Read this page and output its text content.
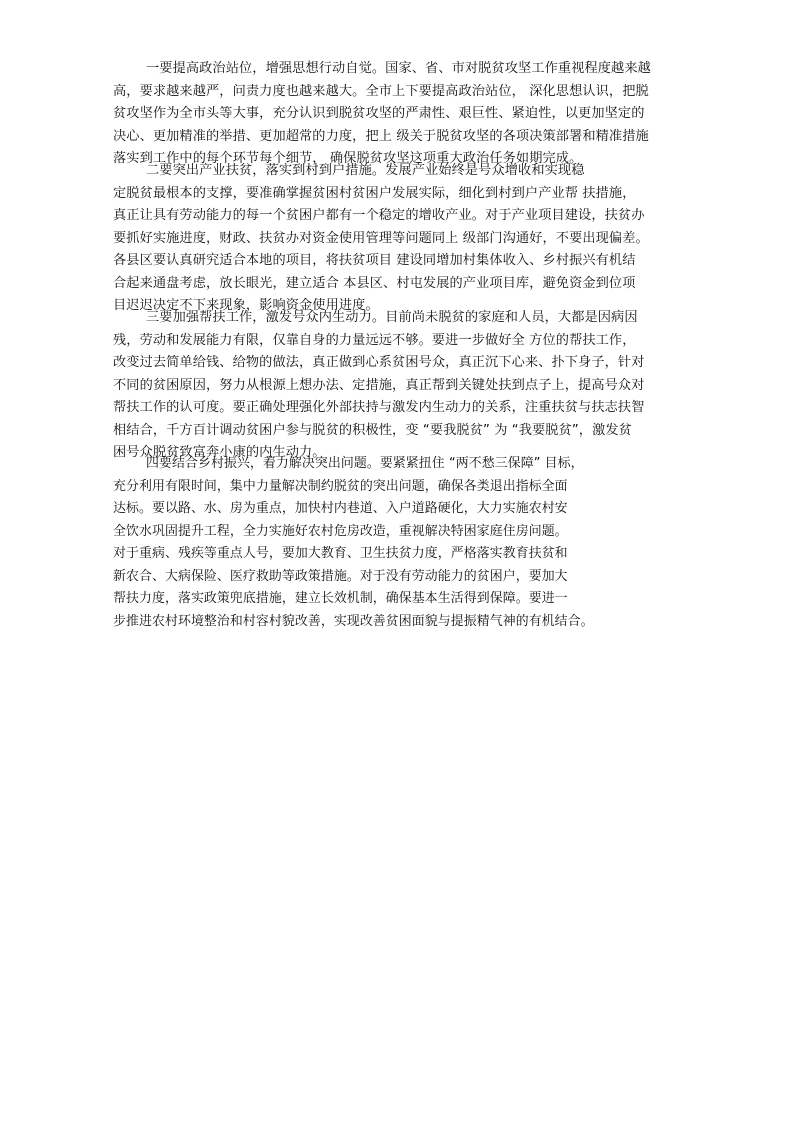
一要提高政治站位，增强思想行动自觉。国家、省、市对脱贫攻坚工作重视程度越来越
高，要求越来越严，问责力度也越来越大。全市上下要提高政治站位， 深化思想认识，把脱
贫攻坚作为全市头等大事，充分认识到脱贫攻坚的严肃性、艰巨性、紧迫性，以更加坚定的
决心、更加精准的举措、更加超常的力度，把上 级关于脱贫攻坚的各项决策部署和精准措施
落实到工作中的每个环节每个细节， 确保脱贫攻坚这项重大政治任务如期完成。
二要突出产业扶贫，落实到村到户措施。发展产业始终是号众增收和实现稳
定脱贫最根本的支撑，要准确掌握贫困村贫困户发展实际，细化到村到户产业帮 扶措施，
真正让具有劳动能力的每一个贫困户都有一个稳定的增收产业。对于产业项目建设，扶贫办
要抓好实施进度，财政、扶贫办对资金使用管理等问题同上 级部门沟通好，不要出现偏差。
各县区要认真研究适合本地的项目，将扶贫项目 建设同增加村集体收入、乡村振兴有机结
合起来通盘考虑，放长眼光，建立适合 本县区、村屯发展的产业项目库，避免资金到位项
目迟迟决定不下来现象，影响资金使用进度。
三要加强帮扶工作，激发号众内生动力。目前尚未脱贫的家庭和人员，大都是因病因
残，劳动和发展能力有限，仅靠自身的力量远远不够。要进一步做好全 方位的帮扶工作，
改变过去简单给钱、给物的做法，真正做到心系贫困号众，真正沉下心来、扑下身子，针对
不同的贫困原因，努力从根源上想办法、定措施，真正帮到关键处扶到点子上，提高号众对
帮扶工作的认可度。要正确处理强化外部扶持与激发内生动力的关系，注重扶贫与扶志扶智
相结合，千方百计调动贫困户参与脱贫的积极性，变 “要我脱贫” 为 “我要脱贫”，激发贫
困号众脱贫致富奔小康的内生动力。
四要结合乡村振兴，着力解决突出问题。要紧紧扭住 “两不愁三保障” 目标，
充分利用有限时间，集中力量解决制约脱贫的突出问题，确保各类退出指标全面
达标。要以路、水、房为重点，加快村内巷道、入户道路硬化，大力实施农村安
全饮水巩固提升工程，全力实施好农村危房改造，重视解决特困家庭住房问题。
对于重病、残疾等重点人号，要加大教育、卫生扶贫力度，严格落实教育扶贫和
新农合、大病保险、医疗救助等政策措施。对于没有劳动能力的贫困户，要加大
帮扶力度，落实政策兜底措施，建立长效机制，确保基本生活得到保障。要进一
步推进农村环境整治和村容村貌改善，实现改善贫困面貌与提振精气神的有机结合。
